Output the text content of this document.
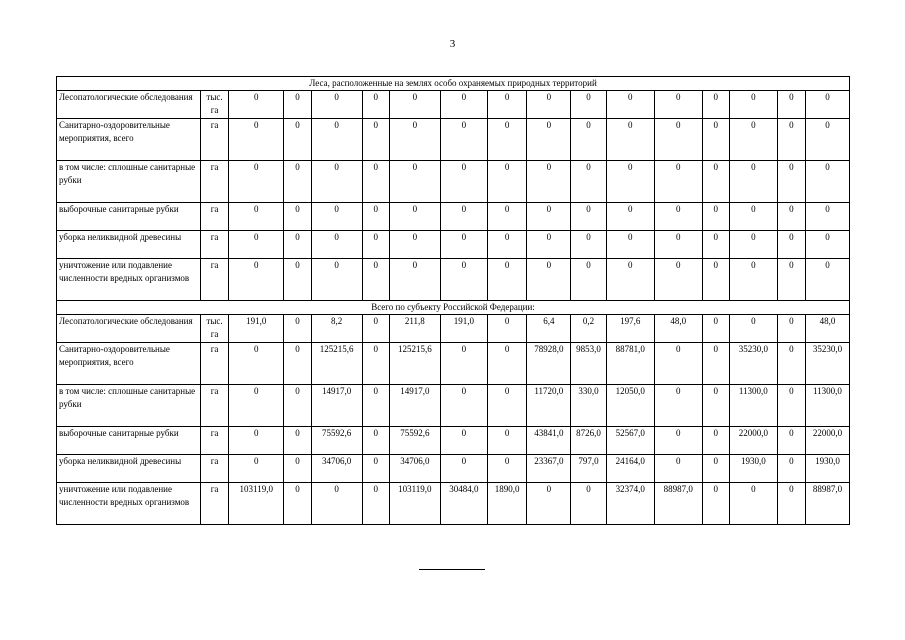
3
Леса, расположенные на землях особо охраняемых природных территорий																
Лесопатологические обследования	тыс. га	0	0	0	0	0	0	0	0	0	0	0	0	0	0	0
Санитарно-оздоровительные мероприятия, всего	га	0	0	0	0	0	0	0	0	0	0	0	0	0	0	0
в том числе: сплошные санитарные рубки	га	0	0	0	0	0	0	0	0	0	0	0	0	0	0	0
выборочные санитарные рубки	га	0	0	0	0	0	0	0	0	0	0	0	0	0	0	0
уборка неликвидной древесины	га	0	0	0	0	0	0	0	0	0	0	0	0	0	0	0
уничтожение или подавление численности вредных организмов	га	0	0	0	0	0	0	0	0	0	0	0	0	0	0	0
Всего по субъекту Российской Федерации:																
Лесопатологические обследования	тыс. га	191,0	0	8,2	0	211,8	191,0	0	6,4	0,2	197,6	48,0	0	0	0	48,0
Санитарно-оздоровительные мероприятия, всего	га	0	0	125215,6	0	125215,6	0	0	78928,0	9853,0	88781,0	0	0	35230,0	0	35230,0
в том числе: сплошные санитарные рубки	га	0	0	14917,0	0	14917,0	0	0	11720,0	330,0	12050,0	0	0	11300,0	0	11300,0
выборочные санитарные рубки	га	0	0	75592,6	0	75592,6	0	0	43841,0	8726,0	52567,0	0	0	22000,0	0	22000,0
уборка неликвидной древесины	га	0	0	34706,0	0	34706,0	0	0	23367,0	797,0	24164,0	0	0	1930,0	0	1930,0
уничтожение или подавление численности вредных организмов	га	103119,0	0	0	0	103119,0	30484,0	1890,0	0	0	32374,0	88987,0	0	0	0	88987,0
